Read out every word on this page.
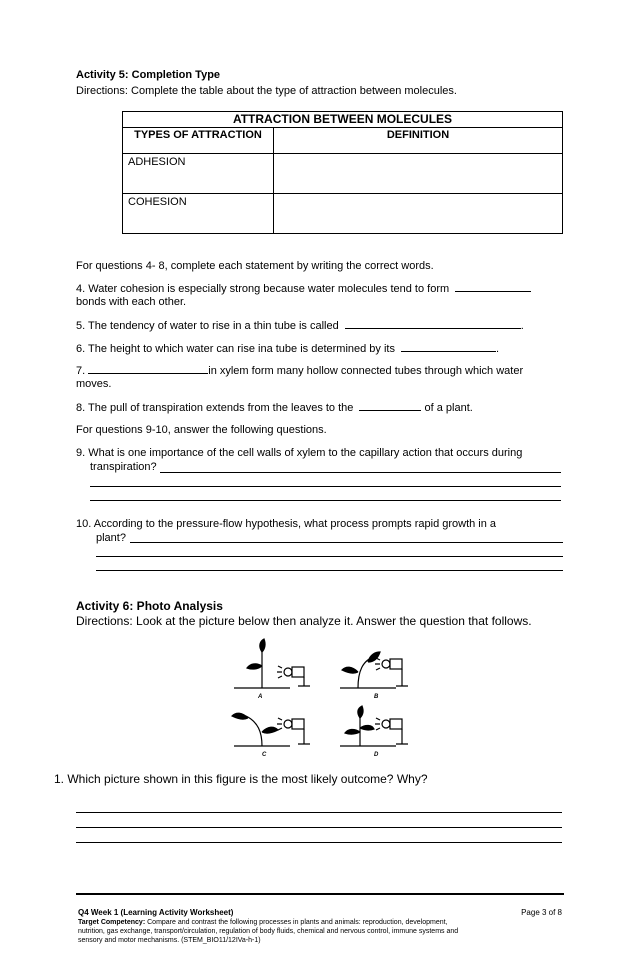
Activity 5: Completion Type
Directions: Complete the table about the type of attraction between molecules.
ATTRACTION BETWEEN MOLECULES
TYPES OF ATTRACTION	DEFINITION
ADHESION
COHESION
For questions 4- 8, complete each statement by writing the correct words.
4. Water cohesion is especially strong because water molecules tend to form
bonds with each other.
5. The tendency of water to rise in a thin tube is called	.
6. The height to which water can rise ina tube is determined by its	.
7.	in xylem form many hollow connected tubes through which water
moves.
8. The pull of transpiration extends from the leaves to the	of a plant.
For questions 9-10, answer the following questions.
9. What is one importance of the cell walls of xylem to the capillary action that occurs during
transpiration?
10. According to the pressure-flow hypothesis, what process prompts rapid growth in a
plant?
Activity 6: Photo Analysis
Directions: Look at the picture below then analyze it. Answer the question that follows.
A	B
C	D
1. Which picture shown in this figure is the most likely outcome? Why?
Q4 Week 1 (Learning Activity Worksheet)	Page 3 of 8
Target Competency: Compare and contrast the following processes in plants and animals: reproduction, development,
nutrition, gas exchange, transport/circulation, regulation of body fluids, chemical and nervous control, immune systems and
sensory and motor mechanisms. (STEM_BIO11/12IVa-h-1)
